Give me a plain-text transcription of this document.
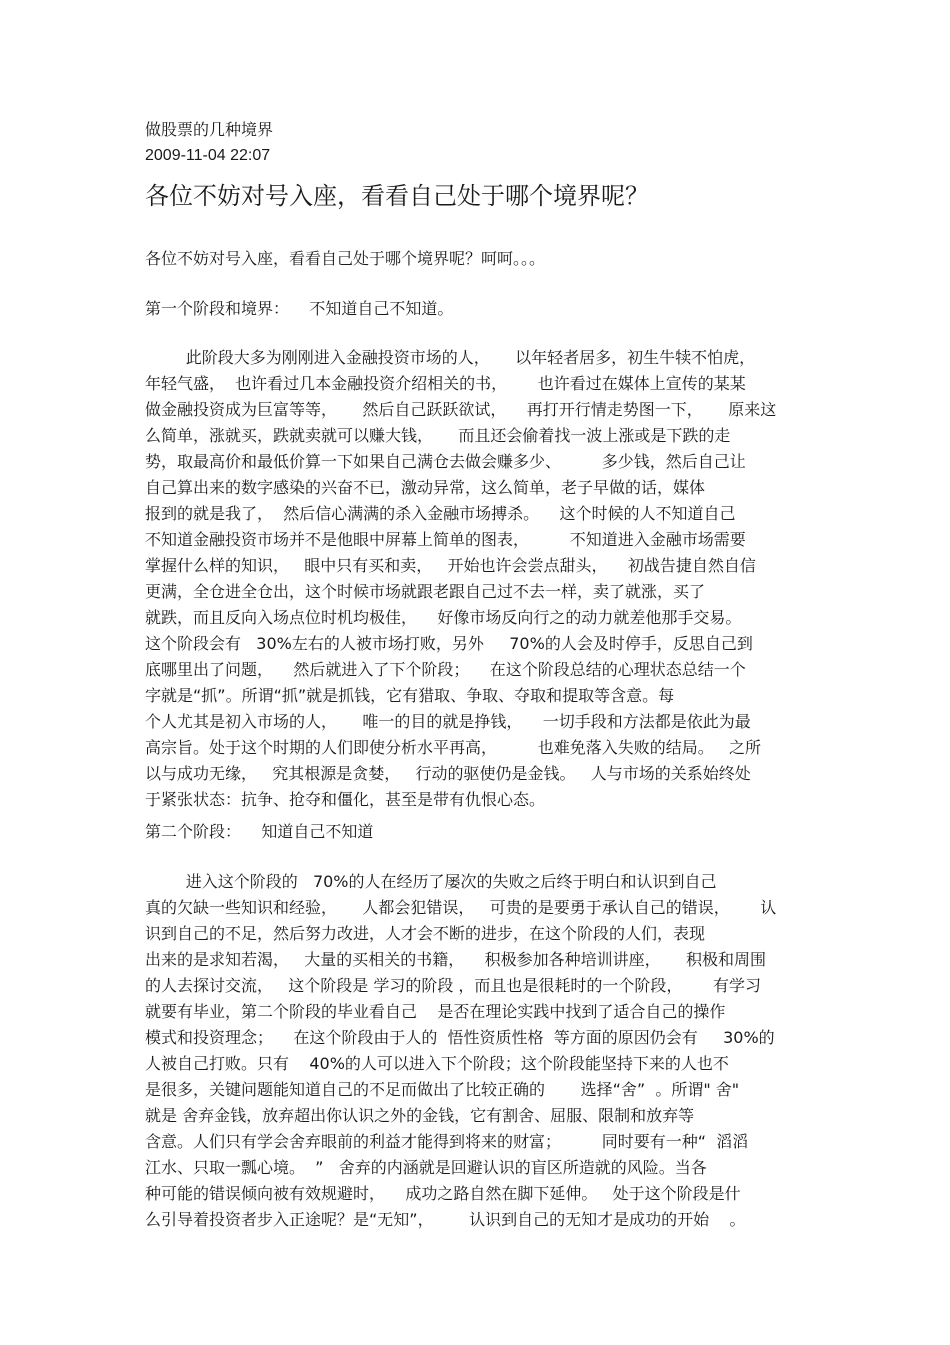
做股票的几种境界
2009-11-04 22:07
各位不妨对号入座，看看自己处于哪个境界呢？
各位不妨对号入座，看看自己处于哪个境界呢？呵呵。。。
第一个阶段和境界：    不知道自己不知道。
此阶段大多为刚刚进入金融投资市场的人，     以年轻者居多，初生牛犊不怕虎，
年轻气盛，  也许看过几本金融投资介绍相关的书，      也许看过在媒体上宣传的某某
做金融投资成为巨富等等，     然后自己跃跃欲试，    再打开行情走势图一下，     原来这
么简单，涨就买，跌就卖就可以赚大钱，     而且还会偷着找一波上涨或是下跌的走
势，取最高价和最低价算一下如果自己满仓去做会赚多少、        多少钱，然后自己让
自己算出来的数字感染的兴奋不已，激动异常，这么简单，老子早做的话，媒体
报到的就是我了，  然后信心满满的杀入金融市场搏杀。    这个时候的人不知道自己
不知道金融投资市场并不是他眼中屏幕上简单的图表，        不知道进入金融市场需要
掌握什么样的知识，   眼中只有买和卖，   开始也许会尝点甜头，    初战告捷自然自信
更满，全仓进全仓出，这个时候市场就跟老跟自己过不去一样，卖了就涨，买了
就跌，而且反向入场点位时机均极佳，    好像市场反向行之的动力就差他那手交易。
这个阶段会有   30%左右的人被市场打败，另外     70%的人会及时停手，反思自己到
底哪里出了问题，    然后就进入了下个阶段；    在这个阶段总结的心理状态总结一个
字就是“抓”。所谓“抓”就是抓钱，它有猎取、争取、夺取和提取等含意。每
个人尤其是初入市场的人，     唯一的目的就是挣钱，    一切手段和方法都是依此为最
高宗旨。处于这个时期的人们即使分析水平再高，        也难免落入失败的结局。   之所
以与成功无缘，   究其根源是贪婪，   行动的驱使仍是金钱。   人与市场的关系始终处
于紧张状态：抗争、抢夺和僵化，甚至是带有仇恨心态。
第二个阶段：    知道自己不知道
进入这个阶段的   70%的人在经历了屡次的失败之后终于明白和认识到自己
真的欠缺一些知识和经验，     人都会犯错误，   可贵的是要勇于承认自己的错误，      认
识到自己的不足，然后努力改进，人才会不断的进步，在这个阶段的人们，表现
出来的是求知若渴，   大量的买相关的书籍，    积极参加各种培训讲座，     积极和周围
的人去探讨交流，   这个阶段是 学习的阶段 ，而且也是很耗时的一个阶段，      有学习
就要有毕业，第二个阶段的毕业看自己    是否在理论实践中找到了适合自己的操作
模式和投资理念；    在这个阶段由于人的  悟性资质性格  等方面的原因仍会有     30%的
人被自己打败。只有    40%的人可以进入下个阶段；这个阶段能坚持下来的人也不
是很多，关键问题能知道自己的不足而做出了比较正确的       选择“舍”  。所谓" 舍"
就是 舍弃金钱，放弃超出你认识之外的金钱，它有割舍、屈服、限制和放弃等
含意。人们只有学会舍弃眼前的利益才能得到将来的财富；        同时要有一种“  滔滔
江水、只取一瓢心境。  ”   舍弃的内涵就是回避认识的盲区所造就的风险。当各
种可能的错误倾向被有效规避时，    成功之路自然在脚下延伸。   处于这个阶段是什
么引导着投资者步入正途呢？是“无知”，       认识到自己的无知才是成功的开始    。
